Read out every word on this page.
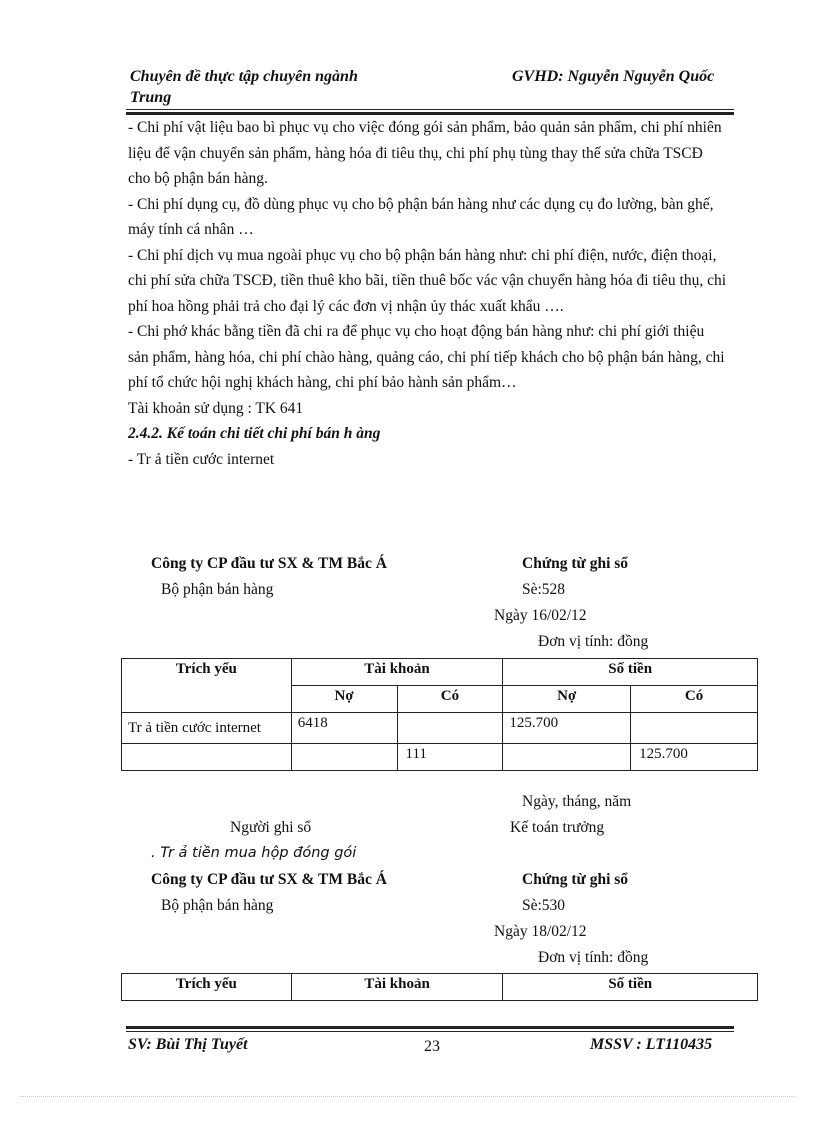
Chuyên đề thực tập chuyên ngành
Trung
GVHD: Nguyễn Nguyễn Quốc

- Chi phí vật liệu bao bì phục vụ cho việc đóng gói sản phẩm, bảo quản sản phẩm, chi phí nhiên liệu để vận chuyển sản phẩm, hàng hóa đi tiêu thụ, chi phí phụ tùng thay thế sửa chữa TSCĐ cho bộ phận bán hàng.

- Chi phí dụng cụ, đồ dùng phục vụ cho bộ phận bán hàng như các dụng cụ đo lường, bàn ghế, máy tính cá nhân …

- Chi phí dịch vụ mua ngoài phục vụ cho bộ phận bán hàng như: chi phí điện, nước, điện thoại, chi phí sửa chữa TSCĐ, tiền thuê kho bãi, tiền thuê bốc vác vận chuyển hàng hóa đi tiêu thụ, chi phí hoa hồng phải trả cho đại lý các đơn vị nhận ủy thác xuất khẩu ….

- Chi phớ khác bằng tiền đã chi ra để phục vụ cho hoạt động bán hàng như: chi phí giới thiệu sản phẩm, hàng hóa, chi phí chào hàng, quảng cáo, chi phí tiếp khách cho bộ phận bán hàng, chi phí tổ chức hội nghị khách hàng, chi phí bảo hành sản phẩm…

Tài khoản sử dụng : TK 641

2.4.2. Kế toán chi tiết chi phí bán h àng

- Tr ả tiền cước internet

Công ty CP đầu tư SX & TM Bắc Á	Chứng từ ghi sổ
Bộ phận bán hàng	Sè:528
Ngày 16/02/12
Đơn vị tính: đồng
Trích yếu	Tài khoản		Số tiền	
	Nợ	Có	Nợ	Có
Tr ả tiền cước internet	6418		125.700	
		111		125.700
Ngày, tháng, năm
Người ghi sổ	Kế toán trưởng
. Tr ả tiền mua hộp đóng gói
Công ty CP đầu tư SX & TM Bắc Á	Chứng từ ghi sổ
Bộ phận bán hàng	Sè:530
Ngày 18/02/12
Đơn vị tính: đồng
Trích yếu	Tài khoản	Số tiền
SV: Bùi Thị Tuyết	23	MSSV : LT110435
